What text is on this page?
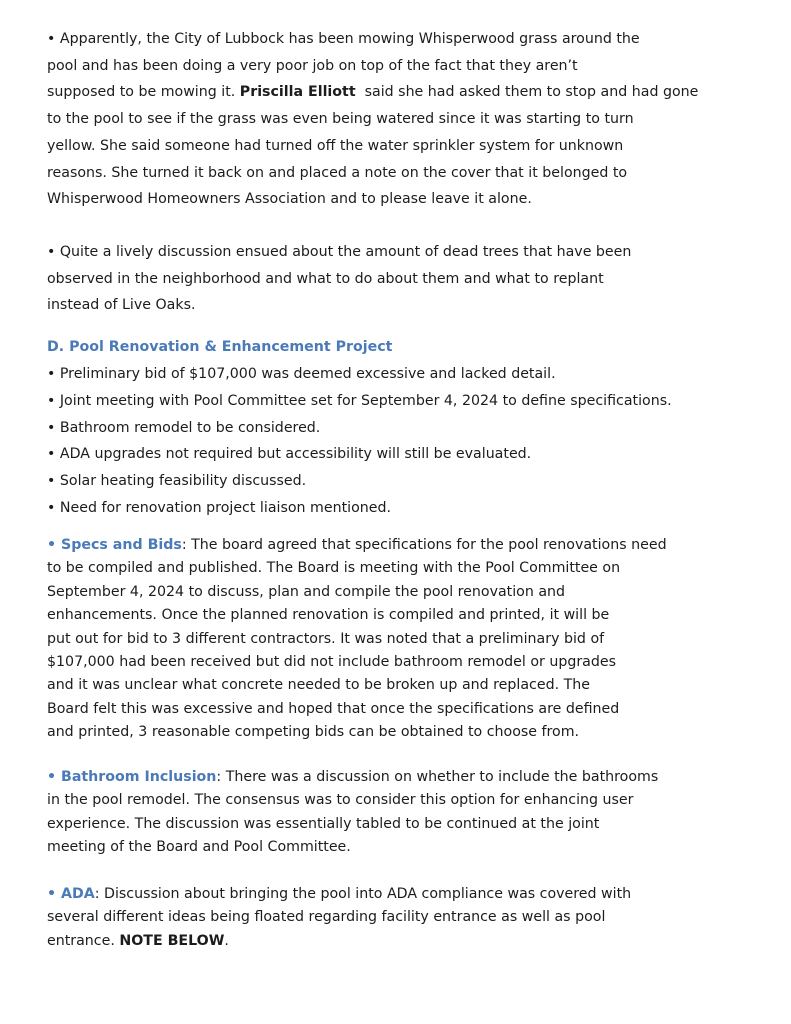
• Apparently, the City of Lubbock has been mowing Whisperwood grass around the
pool and has been doing a very poor job on top of the fact that they aren’t
supposed to be mowing it. Priscilla Elliott  said she had asked them to stop and had gone
to the pool to see if the grass was even being watered since it was starting to turn
yellow. She said someone had turned off the water sprinkler system for unknown
reasons. She turned it back on and placed a note on the cover that it belonged to
Whisperwood Homeowners Association and to please leave it alone.

• Quite a lively discussion ensued about the amount of dead trees that have been
observed in the neighborhood and what to do about them and what to replant
instead of Live Oaks.

D. Pool Renovation & Enhancement Project
• Preliminary bid of $107,000 was deemed excessive and lacked detail.
• Joint meeting with Pool Committee set for September 4, 2024 to define specifications.
• Bathroom remodel to be considered.
• ADA upgrades not required but accessibility will still be evaluated.
• Solar heating feasibility discussed.
• Need for renovation project liaison mentioned.

• Specs and Bids: The board agreed that specifications for the pool renovations need
to be compiled and published. The Board is meeting with the Pool Committee on
September 4, 2024 to discuss, plan and compile the pool renovation and
enhancements. Once the planned renovation is compiled and printed, it will be
put out for bid to 3 different contractors. It was noted that a preliminary bid of
$107,000 had been received but did not include bathroom remodel or upgrades
and it was unclear what concrete needed to be broken up and replaced. The
Board felt this was excessive and hoped that once the specifications are defined
and printed, 3 reasonable competing bids can be obtained to choose from.

• Bathroom Inclusion: There was a discussion on whether to include the bathrooms
in the pool remodel. The consensus was to consider this option for enhancing user
experience. The discussion was essentially tabled to be continued at the joint
meeting of the Board and Pool Committee.

• ADA: Discussion about bringing the pool into ADA compliance was covered with
several different ideas being floated regarding facility entrance as well as pool
entrance. NOTE BELOW.
